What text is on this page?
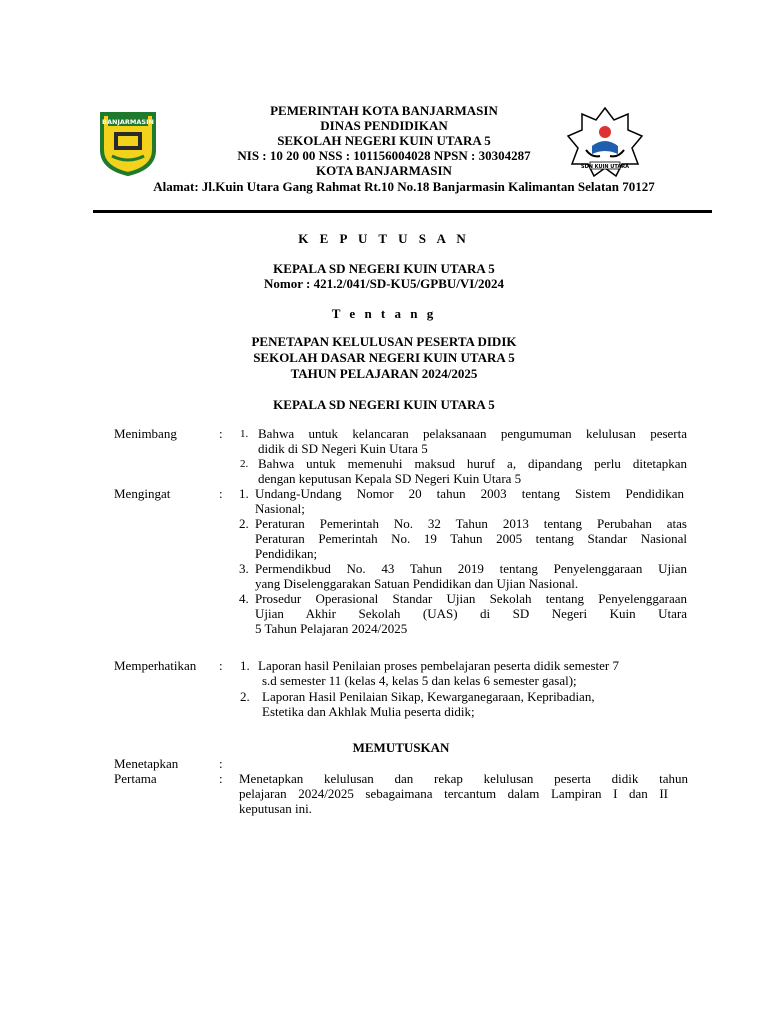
BANJARMASIN
SDN KUIN UTARA
PEMERINTAH KOTA BANJARMASIN
DINAS PENDIDIKAN
SEKOLAH NEGERI KUIN UTARA 5
NIS : 10 20 00 NSS : 101156004028 NPSN : 30304287
KOTA BANJARMASIN
Alamat: Jl.Kuin Utara Gang Rahmat Rt.10 No.18 Banjarmasin Kalimantan Selatan 70127
K E P U T U S A N
KEPALA SD NEGERI KUIN UTARA 5
Nomor : 421.2/041/SD-KU5/GPBU/VI/2024
T e n t a n g
PENETAPAN KELULUSAN PESERTA DIDIK
SEKOLAH DASAR NEGERI KUIN UTARA 5
TAHUN PELAJARAN 2024/2025
KEPALA SD NEGERI KUIN UTARA 5
Menimbang	: 1. Bahwa untuk kelancaran pelaksanaan pengumuman kelulusan peserta
didik di SD Negeri Kuin Utara 5
2. Bahwa untuk memenuhi maksud huruf a, dipandang perlu ditetapkan
dengan keputusan Kepala SD Negeri Kuin Utara 5
Mengingat	: 1. Undang-Undang Nomor 20 tahun 2003 tentang Sistem Pendidikan
Nasional;
2. Peraturan Pemerintah No. 32 Tahun 2013 tentang Perubahan atas
Peraturan Pemerintah No. 19 Tahun 2005 tentang Standar Nasional
Pendidikan;
3. Permendikbud No. 43 Tahun 2019 tentang Penyelenggaraan Ujian
yang Diselenggarakan Satuan Pendidikan dan Ujian Nasional.
4. Prosedur Operasional Standar Ujian Sekolah tentang Penyelenggaraan
Ujian Akhir Sekolah (UAS) di SD Negeri Kuin Utara
5 Tahun Pelajaran 2024/2025
Memperhatikan : 1. Laporan hasil Penilaian proses pembelajaran peserta didik semester 7
s.d semester 11 (kelas 4, kelas 5 dan kelas 6 semester gasal);
2. Laporan Hasil Penilaian Sikap, Kewarganegaraan, Kepribadian,
Estetika dan Akhlak Mulia peserta didik;
MEMUTUSKAN
Menetapkan	:
Pertama	: Menetapkan kelulusan dan rekap kelulusan peserta didik tahun
pelajaran 2024/2025 sebagaimana tercantum dalam Lampiran I dan II
keputusan ini.
